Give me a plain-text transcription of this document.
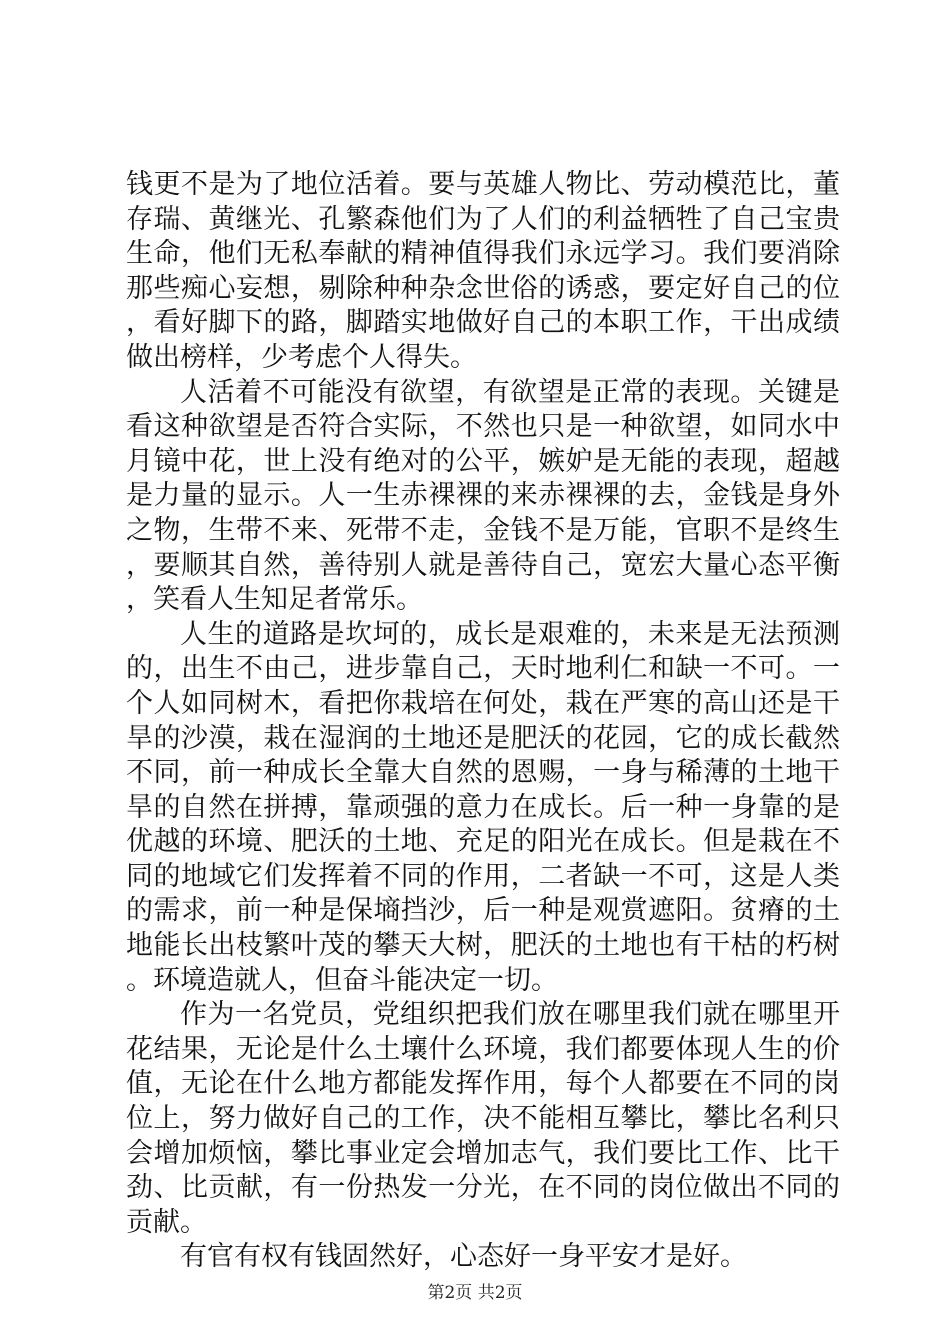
钱更不是为了地位活着。要与英雄人物比、劳动模范比，董存瑞、黄继光、孔繁森他们为了人们的利益牺牲了自己宝贵生命，他们无私奉献的精神值得我们永远学习。我们要消除那些痴心妄想，剔除种种杂念世俗的诱惑，要定好自己的位，看好脚下的路，脚踏实地做好自己的本职工作，干出成绩做出榜样，少考虑个人得失。

人活着不可能没有欲望，有欲望是正常的表现。关键是看这种欲望是否符合实际，不然也只是一种欲望，如同水中月镜中花，世上没有绝对的公平，嫉妒是无能的表现，超越是力量的显示。人一生赤裸裸的来赤裸裸的去，金钱是身外之物，生带不来、死带不走，金钱不是万能，官职不是终生，要顺其自然，善待别人就是善待自己，宽宏大量心态平衡，笑看人生知足者常乐。

人生的道路是坎坷的，成长是艰难的，未来是无法预测的，出生不由己，进步靠自己，天时地利仁和缺一不可。一个人如同树木，看把你栽培在何处，栽在严寒的高山还是干旱的沙漠，栽在湿润的土地还是肥沃的花园，它的成长截然不同，前一种成长全靠大自然的恩赐，一身与稀薄的土地干旱的自然在拼搏，靠顽强的意力在成长。后一种一身靠的是优越的环境、肥沃的土地、充足的阳光在成长。但是栽在不同的地域它们发挥着不同的作用，二者缺一不可，这是人类的需求，前一种是保墒挡沙，后一种是观赏遮阳。贫瘠的土地能长出枝繁叶茂的攀天大树，肥沃的土地也有干枯的朽树。环境造就人，但奋斗能决定一切。

作为一名党员，党组织把我们放在哪里我们就在哪里开花结果，无论是什么土壤什么环境，我们都要体现人生的价值，无论在什么地方都能发挥作用，每个人都要在不同的岗位上，努力做好自己的工作，决不能相互攀比，攀比名利只会增加烦恼，攀比事业定会增加志气，我们要比工作、比干劲、比贡献，有一份热发一分光，在不同的岗位做出不同的贡献。

有官有权有钱固然好，心态好一身平安才是好。

第2页 共2页
